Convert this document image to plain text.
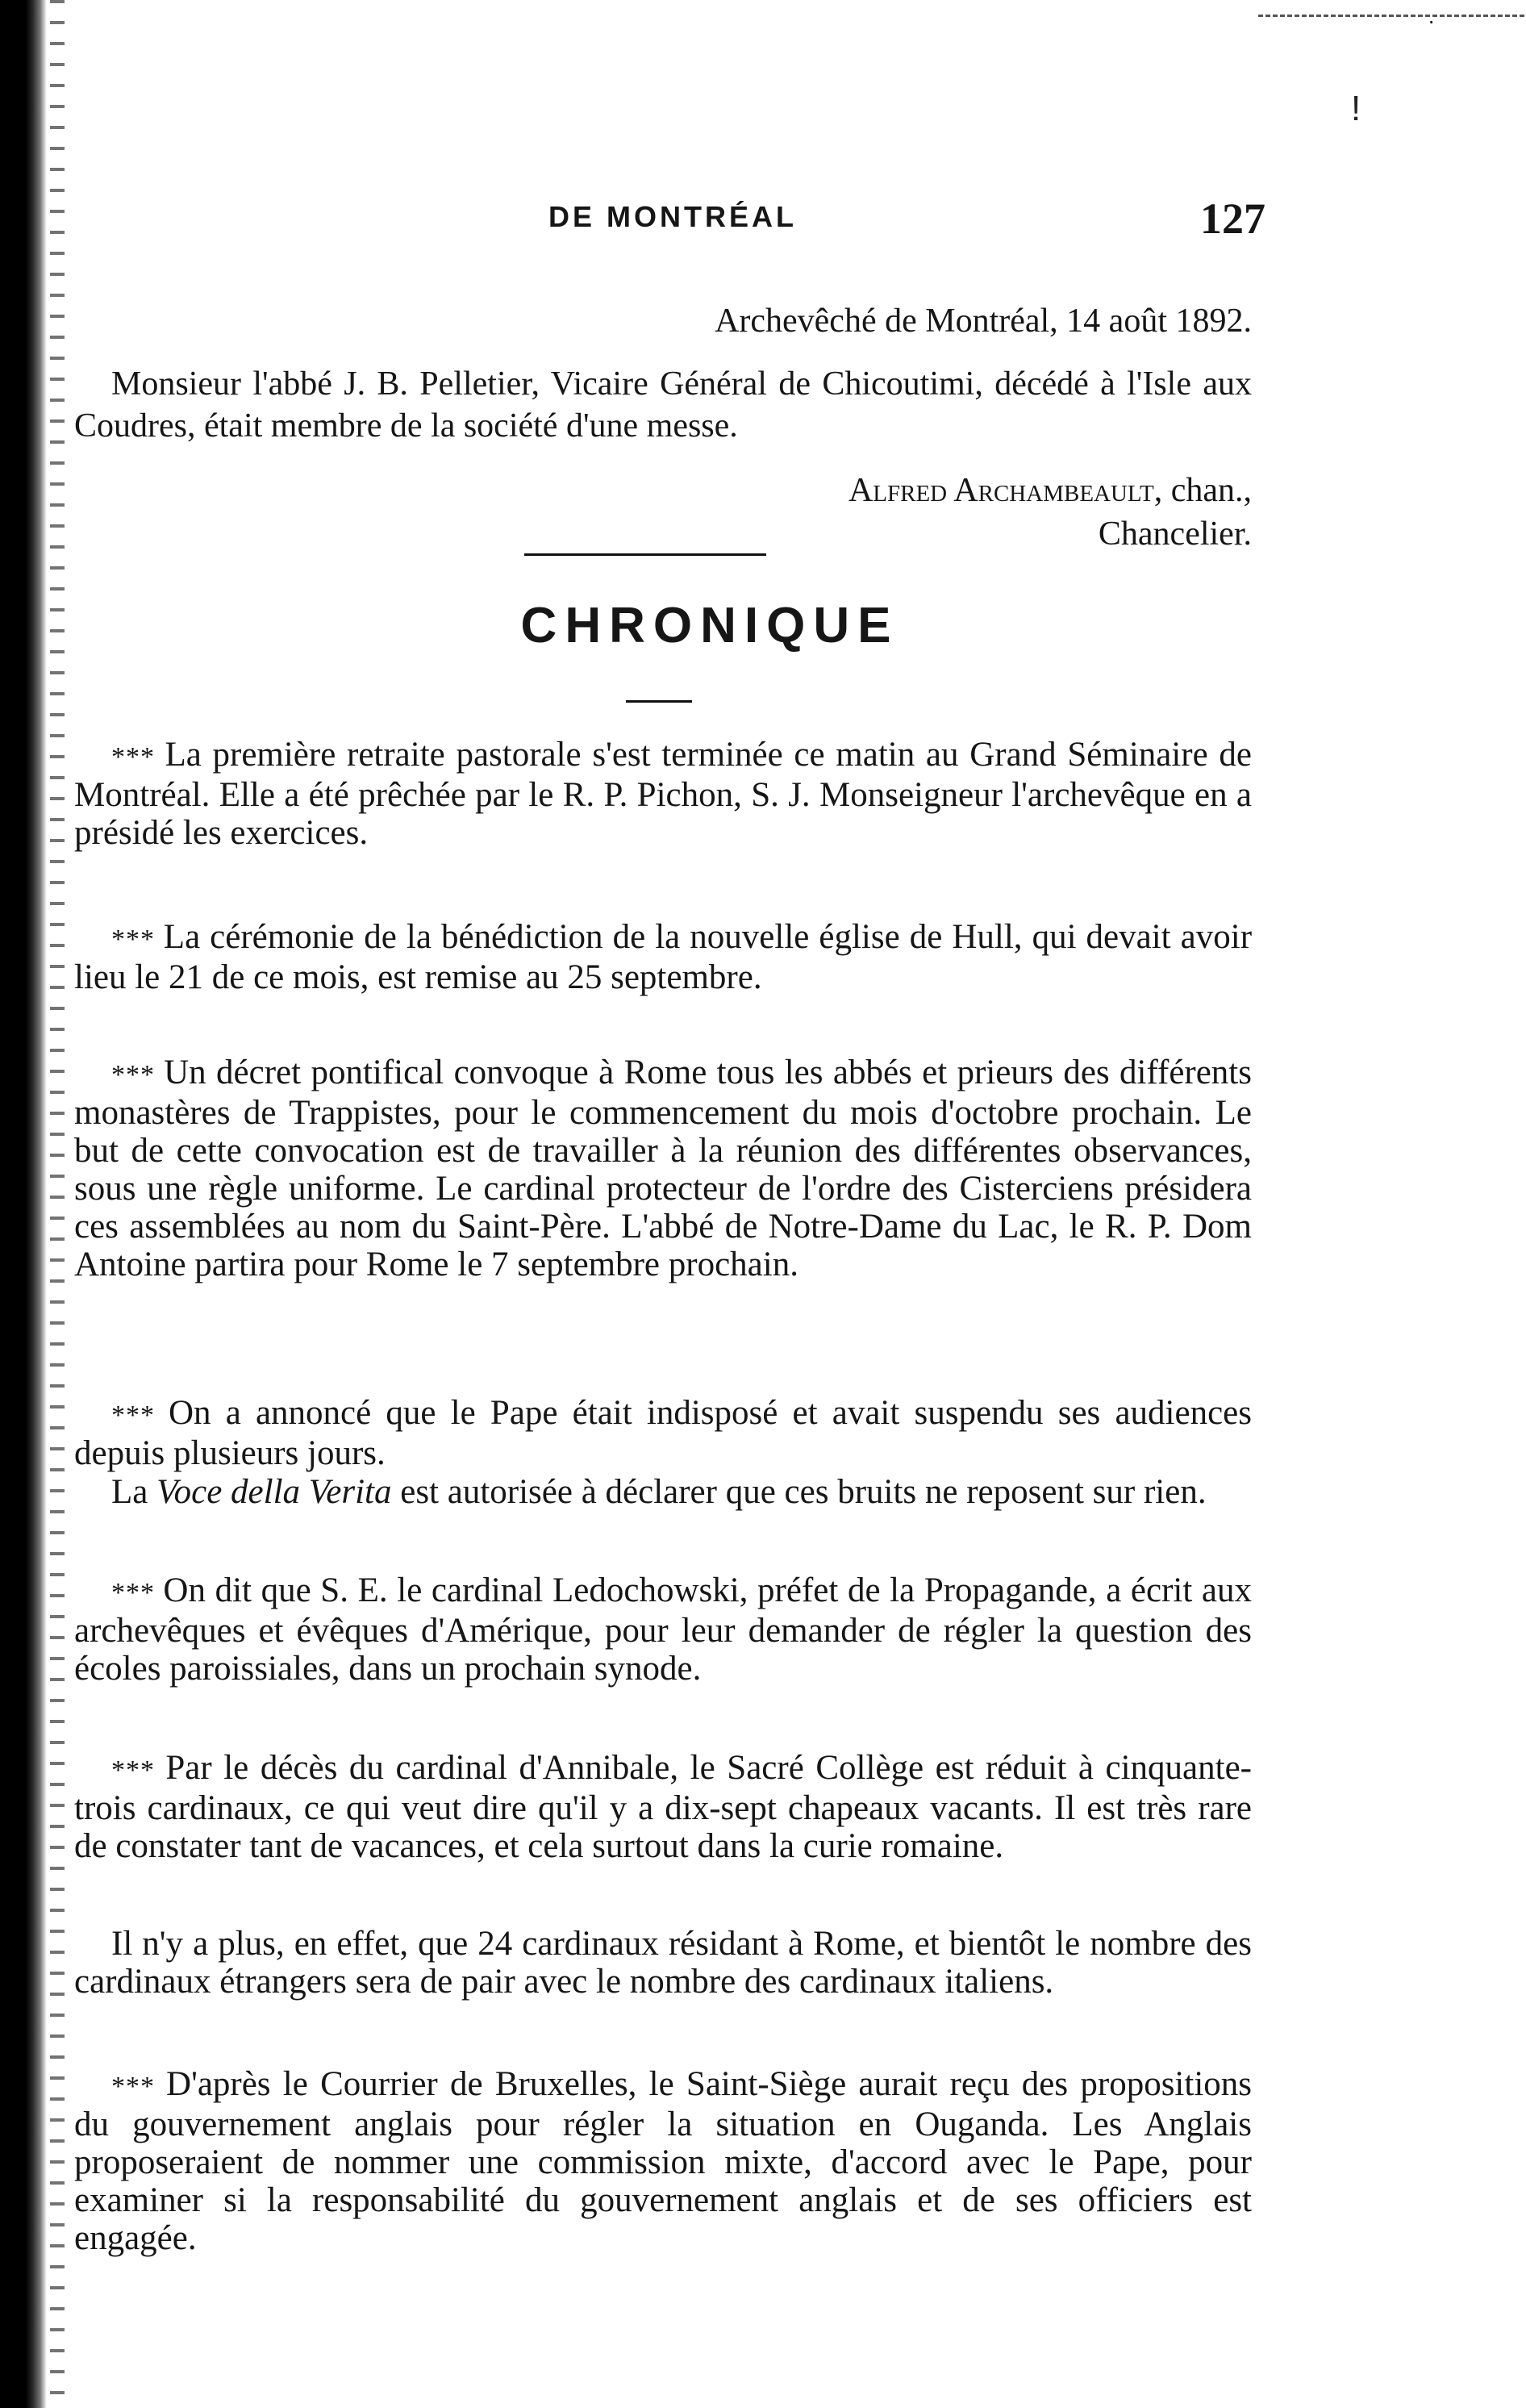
·
!
DE MONTRÉAL	127
Archevêché de Montréal, 14 août 1892.
Monsieur l'abbé J. B. Pelletier, Vicaire Général de Chicoutimi, décédé à l'Isle aux Coudres, était membre de la société d'une messe.
Alfred Archambeault, chan.,
Chancelier.
CHRONIQUE
*** La première retraite pastorale s'est terminée ce matin au Grand Séminaire de Montréal. Elle a été prêchée par le R. P. Pichon, S. J. Monseigneur l'archevêque en a présidé les exercices.
*** La cérémonie de la bénédiction de la nouvelle église de Hull, qui devait avoir lieu le 21 de ce mois, est remise au 25 septembre.
*** Un décret pontifical convoque à Rome tous les abbés et prieurs des différents monastères de Trappistes, pour le commencement du mois d'octobre prochain. Le but de cette convocation est de travailler à la réunion des différentes observances, sous une règle uniforme. Le cardinal protecteur de l'ordre des Cisterciens présidera ces assemblées au nom du Saint-Père. L'abbé de Notre-Dame du Lac, le R. P. Dom Antoine partira pour Rome le 7 septembre prochain.
*** On a annoncé que le Pape était indisposé et avait suspendu ses audiences depuis plusieurs jours.
La Voce della Verita est autorisée à déclarer que ces bruits ne reposent sur rien.
*** On dit que S. E. le cardinal Ledochowski, préfet de la Propagande, a écrit aux archevêques et évêques d'Amérique, pour leur demander de régler la question des écoles paroissiales, dans un prochain synode.
*** Par le décès du cardinal d'Annibale, le Sacré Collège est réduit à cinquante-trois cardinaux, ce qui veut dire qu'il y a dix-sept chapeaux vacants. Il est très rare de constater tant de vacances, et cela surtout dans la curie romaine.
Il n'y a plus, en effet, que 24 cardinaux résidant à Rome, et bientôt le nombre des cardinaux étrangers sera de pair avec le nombre des cardinaux italiens.
*** D'après le Courrier de Bruxelles, le Saint-Siège aurait reçu des propositions du gouvernement anglais pour régler la situation en Ouganda. Les Anglais proposeraient de nommer une commission mixte, d'accord avec le Pape, pour examiner si la responsabilité du gouvernement anglais et de ses officiers est engagée.
